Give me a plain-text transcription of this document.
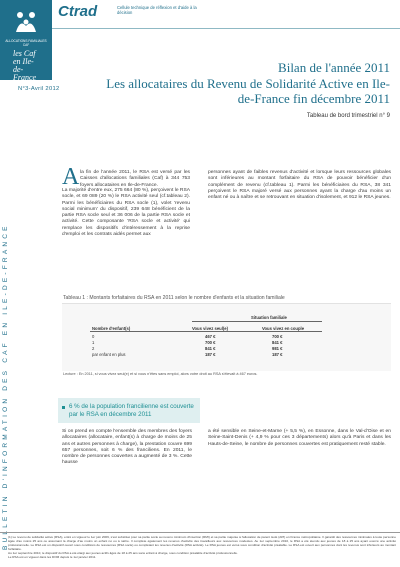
ALLOCATIONS FAMILIALES CAF
les Caf en Ile-de-France
Ctrad	Cellule technique de réflexion et d'aide à la décision
BULLETIN D'INFORMATION DES CAF EN ILE-DE-FRANCE
N°3-Avril 2012
Bilan de l'année 2011
Les allocataires du Revenu de Solidarité Active en Ile-de-France fin décembre 2011
Tableau de bord trimestriel n° 9
A la fin de l'année 2011, le RSA est versé par les Caisses d'allocations familiales (Caf) à 344 753 foyers allocataires en Ile-de-France.
La majorité d'entre eux, 275 664 (80 %), perçoivent le RSA socle, et 69 089 (20 %) le RSA activité seul (cf.tableau 2). Parmi les bénéficiaires du RSA socle (1), volet 'revenu social minimum' du dispositif, 239 648 bénéficient de la partie RSA socle seul et 36 006 de la partie RSA socle et activité. Cette composante 'RSA socle et activité' qui remplace les dispositifs d'intéressement à la reprise d'emploi et les contrats aidés permet aux
personnes ayant de faibles revenus d'activité et lorsque leurs ressources globales sont inférieures au montant forfaitaire du RSA de pouvoir bénéficier d'un complément de revenu (cf.tableau 1). Parmi les bénéficiaires du RSA, 38 341 perçoivent le RSA majoré versé aux personnes ayant la charge d'au moins un enfant né ou à naître et se retrouvant en situation d'isolement, et 912 le RSA jeunes.
Tableau 1 : Montants forfaitaires du RSA en 2011 selon le nombre d'enfants et la situation familiale
Situation familiale
Nombre d'enfant(s)	Vous vivez seul(e)	Vous vivez en couple
0	467 €	700 €
1	700 €	841 €
2	841 €	981 €
par enfant en plus	187 €	187 €
Lecture : En 2011, si vous vivez seul(e) et si vous n'êtes sans emploi, alors votre droit au RSA s'élevait à 467 euros.
6 % de la population francilienne est couverte par le RSA en décembre 2011
Si on prend en compte l'ensemble des membres des foyers allocataires (allocataire, enfant(s) à charge de moins de 25 ans et autres personnes à charge), la prestation couvre 699 657 personnes, soit 6 % des franciliens. En 2011, le nombre de personnes couvertes a augmenté de 3 %. Cette hausse
a été sensible en Seine-et-Marne (+ 5,5 %), en Essonne, dans le Val-d'Oise et en Seine-Saint-Denis (+ 4,9 % pour ces 3 départements) alors qu'à Paris et dans les Hauts-de-Seine, le nombre de personnes couvertes est pratiquement resté stable.
(1) Le revenu de solidarité active (RSA), entré en vigueur le 1er juin 2009, s'est substitué pour sa partie socle au revenu minimum d'insertion (RMI) et sa partie majorée à l'allocation de parent isolé (API) en France métropolitaine. Il garantit des ressources minimales à toute personne âgée d'au moins 25 ans ou assumant la charge d'au moins un enfant né ou à naître. Il complète également les revenus d'activité des travailleurs aux ressources modestes. Au 1er septembre 2010, le RSA a été étendu aux jeunes de 18 à 25 ans ayant exercé une activité professionnelle. Le RSA est un dispositif ouvert sous conditions de ressources (RSA socle) ou complétant les revenus d'activité (RSA activité). Le RSA jeunes est versé sous condition d'activité préalable. Le RSA est ouvert aux personnes dont les revenus sont inférieurs au montant forfaitaire.
Au 1er septembre 2010, le dispositif du RSA a été élargi aux jeunes actifs âgés de 18 à 25 ans sans enfant à charge, sous condition préalable d'activité professionnelle.
Le RSA est en vigueur dans les DOM depuis le 1er janvier 2011.
